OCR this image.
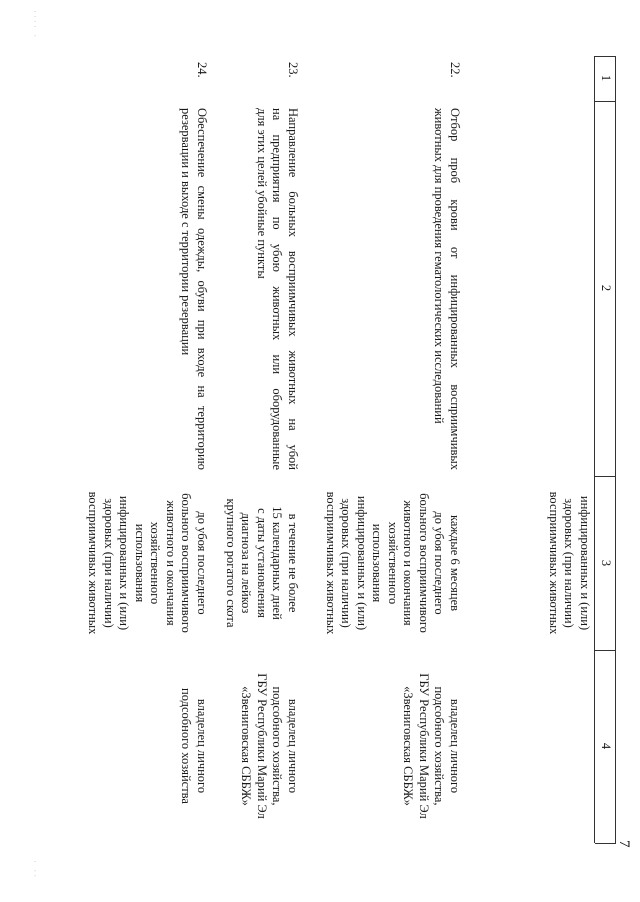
7
1
2
3
4
инфицированных и (или)
здоровых (при наличии)
восприимчивых животных
22.
Отбор проб крови от инфицированных восприимчивых
животных для проведения гематологических исследований
каждые 6 месяцев
до убоя последнего
больного восприимчивого
животного и окончания
хозяйственного
использования
инфицированных и (или)
здоровых (при наличии)
восприимчивых животных
владелец личного
подсобного хозяйства,
ГБУ Республики Марий Эл
«Звениговская СББЖ»
23.
Направление больных восприимчивых животных на убой
на предприятия по убою животных или оборудованные
для этих целей убойные пункты
в течение не более
15 календарных дней
с даты установления
диагноза на лейкоз
крупного рогатого скота
владелец личного
подсобного хозяйства,
ГБУ Республики Марий Эл
«Звениговская СББЖ»
24.
Обеспечение смены одежды, обуви при входе на территорию
резервации и выходе с территории резервации
до убоя последнего
больного восприимчивого
животного и окончания
хозяйственного
использования
инфицированных и (или)
здоровых (при наличии)
восприимчивых животных
владелец личного
подсобного хозяйства
···· ·
· ··
